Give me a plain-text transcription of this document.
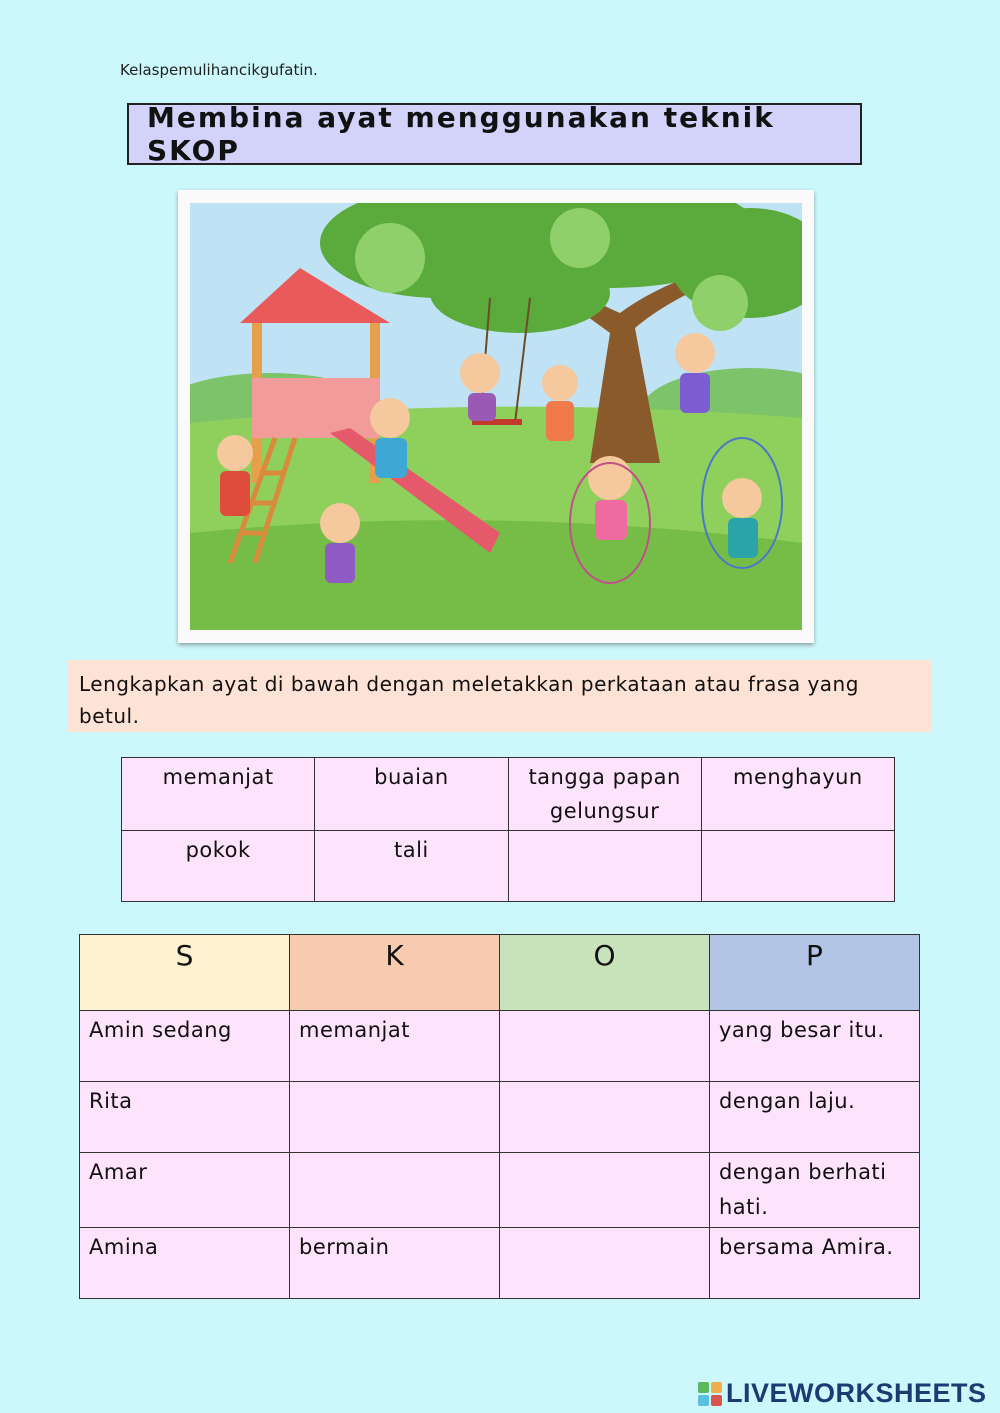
Kelaspemulihancikgufatin.
Membina ayat menggunakan teknik SKOP
Lengkapkan ayat di bawah dengan meletakkan perkataan atau frasa yang betul.
memanjat	buaian	tangga papan gelungsur	menghayun
pokok	tali		
S	K	O	P
Amin sedang	memanjat		yang besar itu.
Rita			dengan laju.
Amar			dengan berhati hati.
Amina	bermain		bersama Amira.
LIVEWORKSHEETS
